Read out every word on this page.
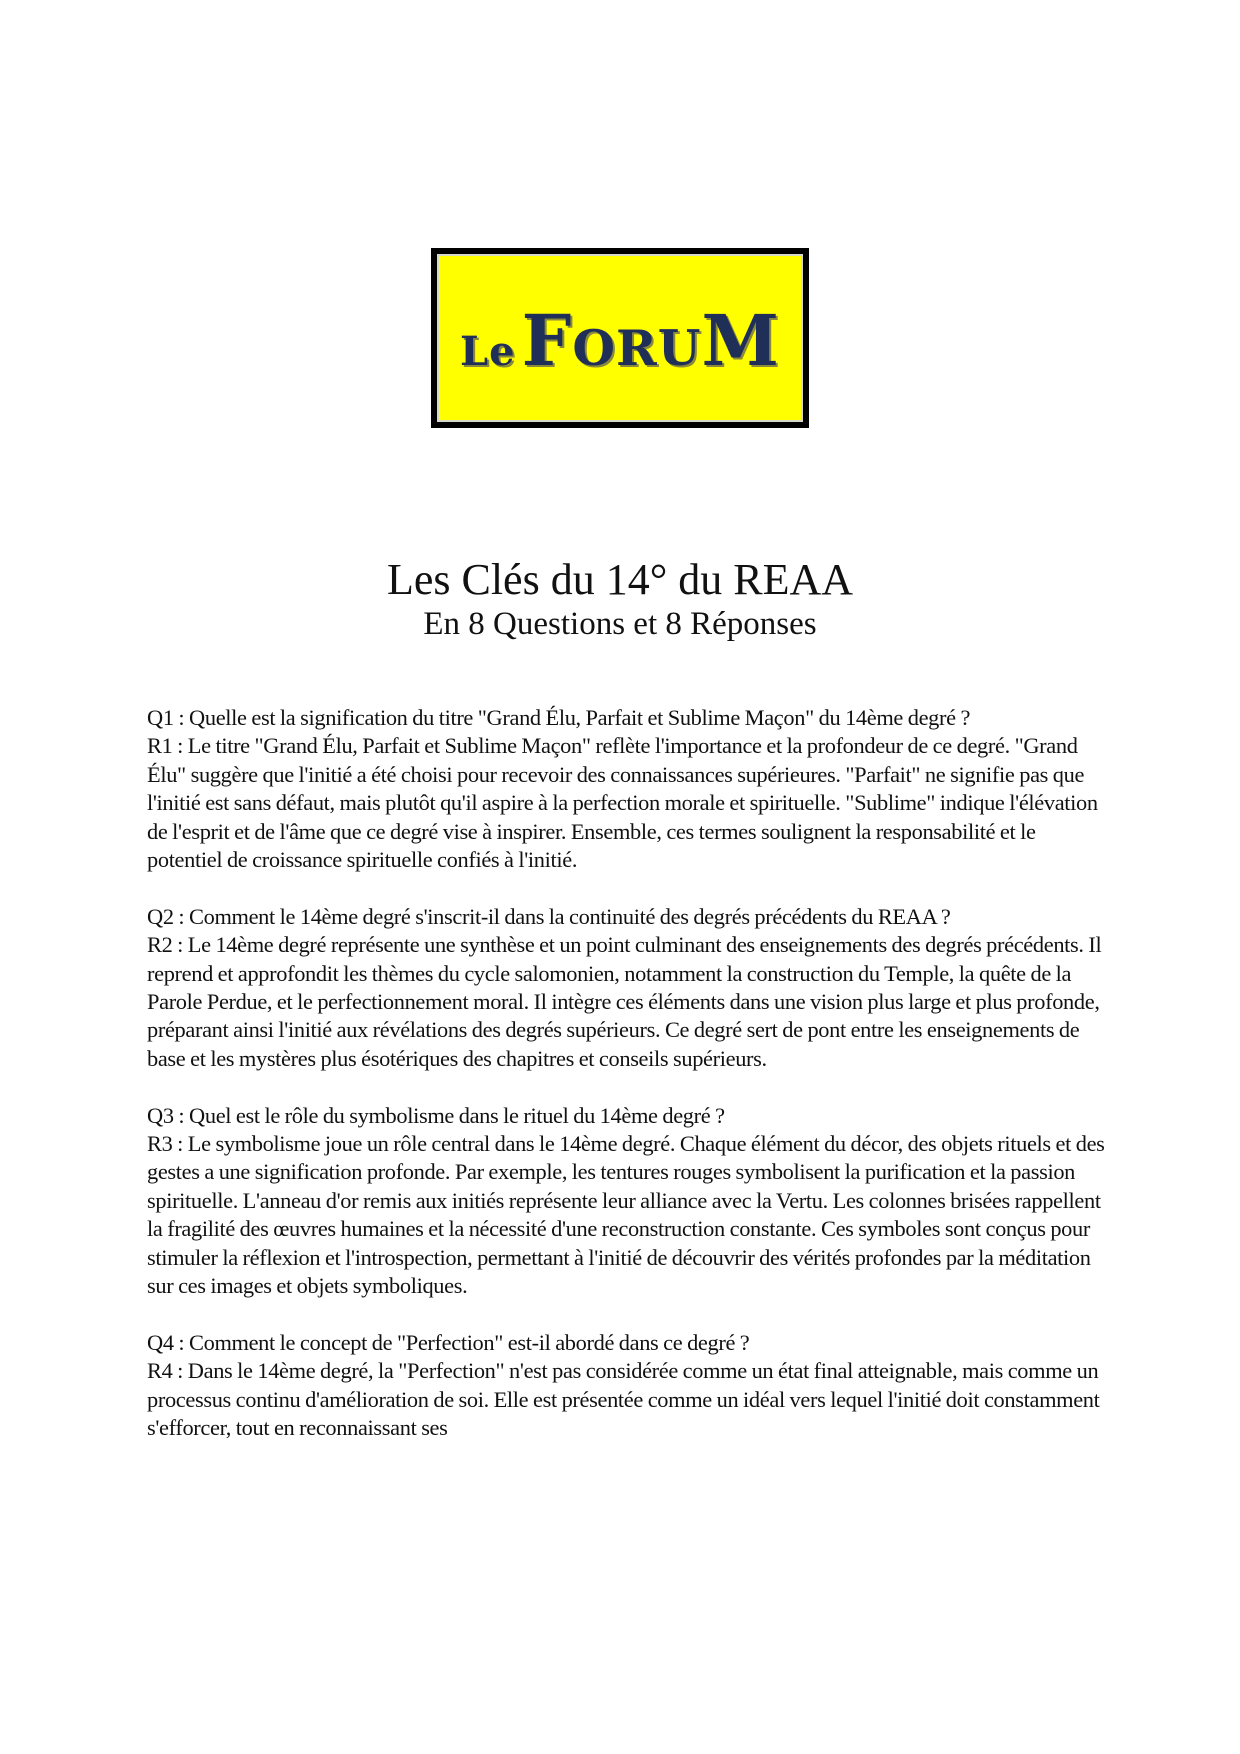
Le ForuM
Les Clés du 14° du REAA
En 8 Questions et 8 Réponses

Q1 : Quelle est la signification du titre "Grand Élu, Parfait et Sublime Maçon" du 14ème degré ?

R1 : Le titre "Grand Élu, Parfait et Sublime Maçon" reflète l'importance et la profondeur de ce degré. "Grand Élu" suggère que l'initié a été choisi pour recevoir des connaissances supérieures. "Parfait" ne signifie pas que l'initié est sans défaut, mais plutôt qu'il aspire à la perfection morale et spirituelle. "Sublime" indique l'élévation de l'esprit et de l'âme que ce degré vise à inspirer. Ensemble, ces termes soulignent la responsabilité et le potentiel de croissance spirituelle confiés à l'initié.

Q2 : Comment le 14ème degré s'inscrit-il dans la continuité des degrés précédents du REAA ?

R2 : Le 14ème degré représente une synthèse et un point culminant des enseignements des degrés précédents. Il reprend et approfondit les thèmes du cycle salomonien, notamment la construction du Temple, la quête de la Parole Perdue, et le perfectionnement moral. Il intègre ces éléments dans une vision plus large et plus profonde, préparant ainsi l'initié aux révélations des degrés supérieurs. Ce degré sert de pont entre les enseignements de base et les mystères plus ésotériques des chapitres et conseils supérieurs.

Q3 : Quel est le rôle du symbolisme dans le rituel du 14ème degré ?

R3 : Le symbolisme joue un rôle central dans le 14ème degré. Chaque élément du décor, des objets rituels et des gestes a une signification profonde. Par exemple, les tentures rouges symbolisent la purification et la passion spirituelle. L'anneau d'or remis aux initiés représente leur alliance avec la Vertu. Les colonnes brisées rappellent la fragilité des œuvres humaines et la nécessité d'une reconstruction constante. Ces symboles sont conçus pour stimuler la réflexion et l'introspection, permettant à l'initié de découvrir des vérités profondes par la méditation sur ces images et objets symboliques.

Q4 : Comment le concept de "Perfection" est-il abordé dans ce degré ?

R4 : Dans le 14ème degré, la "Perfection" n'est pas considérée comme un état final atteignable, mais comme un processus continu d'amélioration de soi. Elle est présentée comme un idéal vers lequel l'initié doit constamment s'efforcer, tout en reconnaissant ses
